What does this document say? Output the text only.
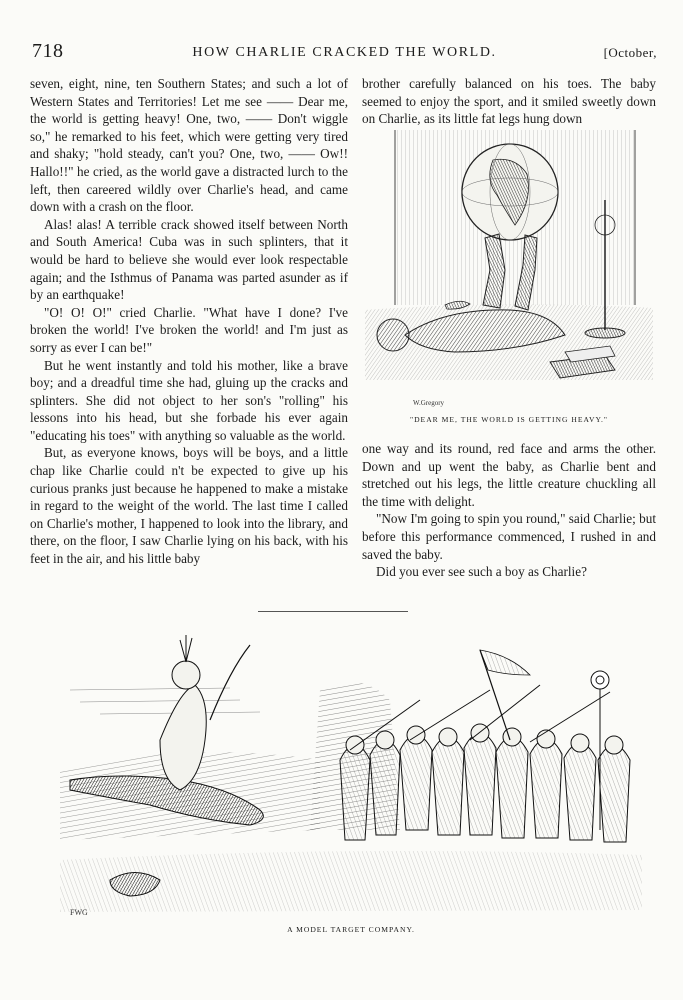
718	HOW CHARLIE CRACKED THE WORLD.	[October,

seven, eight, nine, ten Southern States; and such a lot of Western States and Territories! Let me see —— Dear me, the world is getting heavy! One, two, —— Don't wiggle so," he remarked to his feet, which were getting very tired and shaky; "hold steady, can't you? One, two, —— Ow!! Hallo!!" he cried, as the world gave a distracted lurch to the left, then careered wildly over Charlie's head, and came down with a crash on the floor.

Alas! alas! A terrible crack showed itself between North and South America! Cuba was in such splinters, that it would be hard to believe she would ever look respectable again; and the Isthmus of Panama was parted asunder as if by an earthquake!

"O! O! O!" cried Charlie. "What have I done? I've broken the world! I've broken the world! and I'm just as sorry as ever I can be!"

But he went instantly and told his mother, like a brave boy; and a dreadful time she had, gluing up the cracks and splinters. She did not object to her son's "rolling" his lessons into his head, but she forbade his ever again "educating his toes" with anything so valuable as the world.

But, as everyone knows, boys will be boys, and a little chap like Charlie could n't be expected to give up his curious pranks just because he happened to make a mistake in regard to the weight of the world. The last time I called on Charlie's mother, I happened to look into the library, and there, on the floor, I saw Charlie lying on his back, with his feet in the air, and his little baby

brother carefully balanced on his toes. The baby seemed to enjoy the sport, and it smiled sweetly down on Charlie, as its little fat legs hung down

W.Gregory
"DEAR ME, THE WORLD IS GETTING HEAVY."

one way and its round, red face and arms the other. Down and up went the baby, as Charlie bent and stretched out his legs, the little creature chuckling all the time with delight.

"Now I'm going to spin you round," said Charlie; but before this performance commenced, I rushed in and saved the baby.

Did you ever see such a boy as Charlie?

FWG
A MODEL TARGET COMPANY.
